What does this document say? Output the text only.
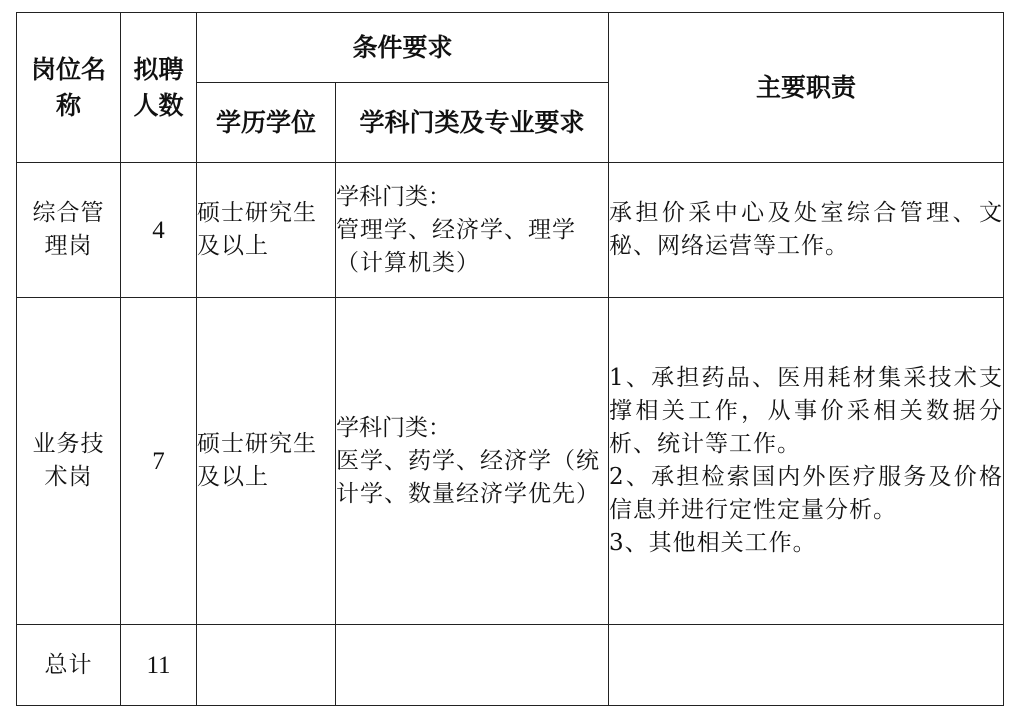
岗位名称	拟聘人数	条件要求		主要职责
		学历学位	学科门类及专业要求	
综合管理岗	4	硕士研究生及以上	学科门类：
管理学、经济学、理学（计算机类）	承担价采中心及处室综合管理、文秘、网络运营等工作。

业务技术岗	7	硕士研究生及以上	学科门类：
医学、药学、经济学（统计学、数量经济学优先）	1、承担药品、医用耗材集采技术支撑相关工作，从事价采相关数据分析、统计等工作。
2、承担检索国内外医疗服务及价格信息并进行定性定量分析。
3、其他相关工作。

总计	11			
